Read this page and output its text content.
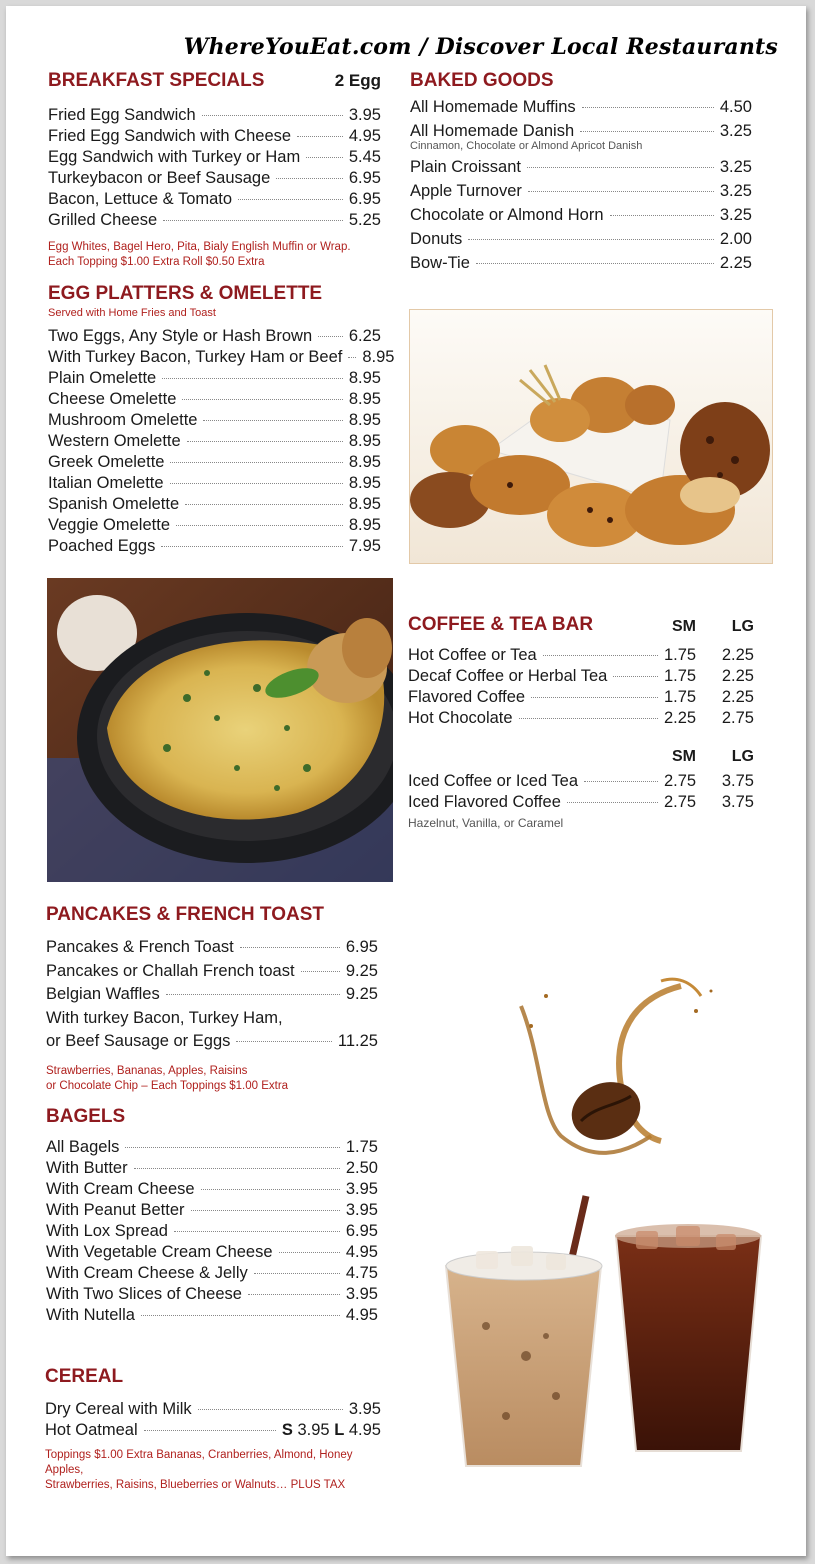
WhereYouEat.com / Discover Local Restaurants
BREAKFAST SPECIALS	2 Egg
Fried Egg Sandwich	3.95
Fried Egg Sandwich with Cheese	4.95
Egg Sandwich with Turkey or Ham	5.45
Turkeybacon or Beef Sausage	6.95
Bacon, Lettuce & Tomato	6.95
Grilled Cheese	5.25
Egg Whites, Bagel Hero, Pita, Bialy English Muffin or Wrap.
Each Topping $1.00 Extra Roll $0.50 Extra
EGG PLATTERS & OMELETTE
Served with Home Fries and Toast
Two Eggs, Any Style or Hash Brown 6.25
With Turkey Bacon, Turkey Ham or Beef 8.95
Plain Omelette	8.95
Cheese Omelette	8.95
Mushroom Omelette	8.95
Western Omelette	8.95
Greek Omelette	8.95
Italian Omelette	8.95
Spanish Omelette	8.95
Veggie Omelette	8.95
Poached Eggs	7.95
PANCAKES & FRENCH TOAST
Pancakes & French Toast	6.95
Pancakes or Challah French toast	9.25
Belgian Waffles	9.25
With turkey Bacon, Turkey Ham,
or Beef Sausage or Eggs	11.25
Strawberries, Bananas, Apples, Raisins
or Chocolate Chip – Each Toppings $1.00 Extra
BAGELS
All Bagels	1.75
With Butter	2.50
With Cream Cheese	3.95
With Peanut Better	3.95
With Lox Spread	6.95
With Vegetable Cream Cheese	4.95
With Cream Cheese & Jelly	4.75
With Two Slices of Cheese	3.95
With Nutella	4.95
CEREAL
Dry Cereal with Milk	3.95
Hot Oatmeal	S 3.95 L 4.95
Toppings $1.00 Extra Bananas, Cranberries, Almond, Honey Apples,
Strawberries, Raisins, Blueberries or Walnuts… PLUS TAX
BAKED GOODS
All Homemade Muffins	4.50
All Homemade Danish	3.25
Cinnamon, Chocolate or Almond Apricot Danish
Plain Croissant	3.25
Apple Turnover	3.25
Chocolate or Almond Horn	3.25
Donuts	2.00
Bow-Tie	2.25
COFFEE & TEA BAR	SM	LG
Hot Coffee or Tea	1.75	2.25
Decaf Coffee or Herbal Tea	1.75	2.25
Flavored Coffee	1.75	2.25
Hot Chocolate	2.25	2.75
SM	LG
Iced Coffee or Iced Tea	2.75	3.75
Iced Flavored Coffee	2.75	3.75
Hazelnut, Vanilla, or Caramel
